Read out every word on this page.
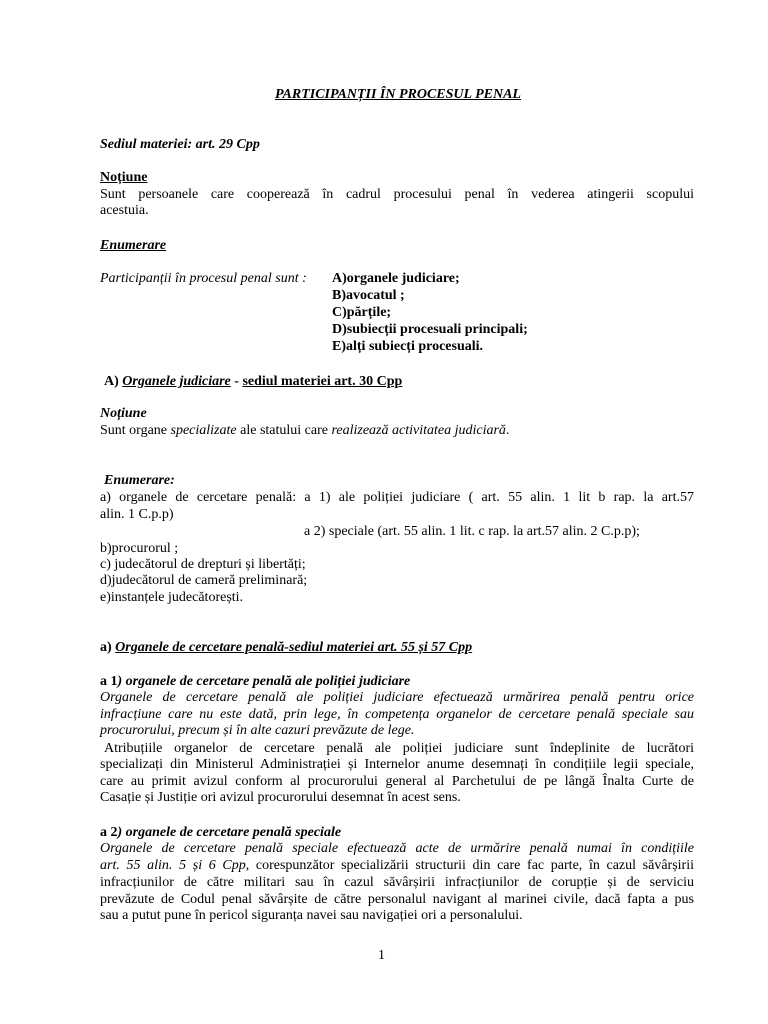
PARTICIPANȚII ÎN PROCESUL PENAL
Sediul materiei: art. 29 Cpp
Noțiune
Sunt persoanele care cooperează în cadrul procesului penal în vederea atingerii scopului
acestuia.
Enumerare
Participanții în procesul penal sunt : A)organele judiciare;
B)avocatul ;
C)părțile;
D)subiecții procesuali principali;
E)alți subiecți procesuali.
A) Organele judiciare - sediul materiei art. 30 Cpp
Noțiune
Sunt organe specializate ale statului care realizează activitatea judiciară.
Enumerare:
a) organele de cercetare penală: a 1) ale poliției judiciare ( art. 55 alin. 1 lit b rap. la art.57
alin. 1 C.p.p)
a 2) speciale (art. 55 alin. 1 lit. c rap. la art.57 alin. 2 C.p.p);
b)procurorul ;
c) judecătorul de drepturi și libertăți;
d)judecătorul de cameră preliminară;
e)instanțele judecătorești.
a) Organele de cercetare penală-sediul materiei art. 55 și 57 Cpp
a 1) organele de cercetare penală ale poliției judiciare
Organele de cercetare penală ale poliției judiciare efectuează urmărirea penală pentru orice
infracțiune care nu este dată, prin lege, în competența organelor de cercetare penală speciale sau
procurorului, precum și în alte cazuri prevăzute de lege.
Atribuțiile organelor de cercetare penală ale poliției judiciare sunt îndeplinite de lucrători
specializați din Ministerul Administrației și Internelor anume desemnați în condițiile legii speciale,
care au primit avizul conform al procurorului general al Parchetului de pe lângă Înalta Curte de
Casație și Justiție ori avizul procurorului desemnat în acest sens.
a 2) organele de cercetare penală speciale
Organele de cercetare penală speciale efectuează acte de urmărire penală numai în condițiile
art. 55 alin. 5 și 6 Cpp, corespunzător specializării structurii din care fac parte, în cazul săvârșirii
infracțiunilor de către militari sau în cazul săvârșirii infracțiunilor de corupție și de serviciu
prevăzute de Codul penal săvârșite de către personalul navigant al marinei civile, dacă fapta a pus
sau a putut pune în pericol siguranța navei sau navigației ori a personalului.
1
